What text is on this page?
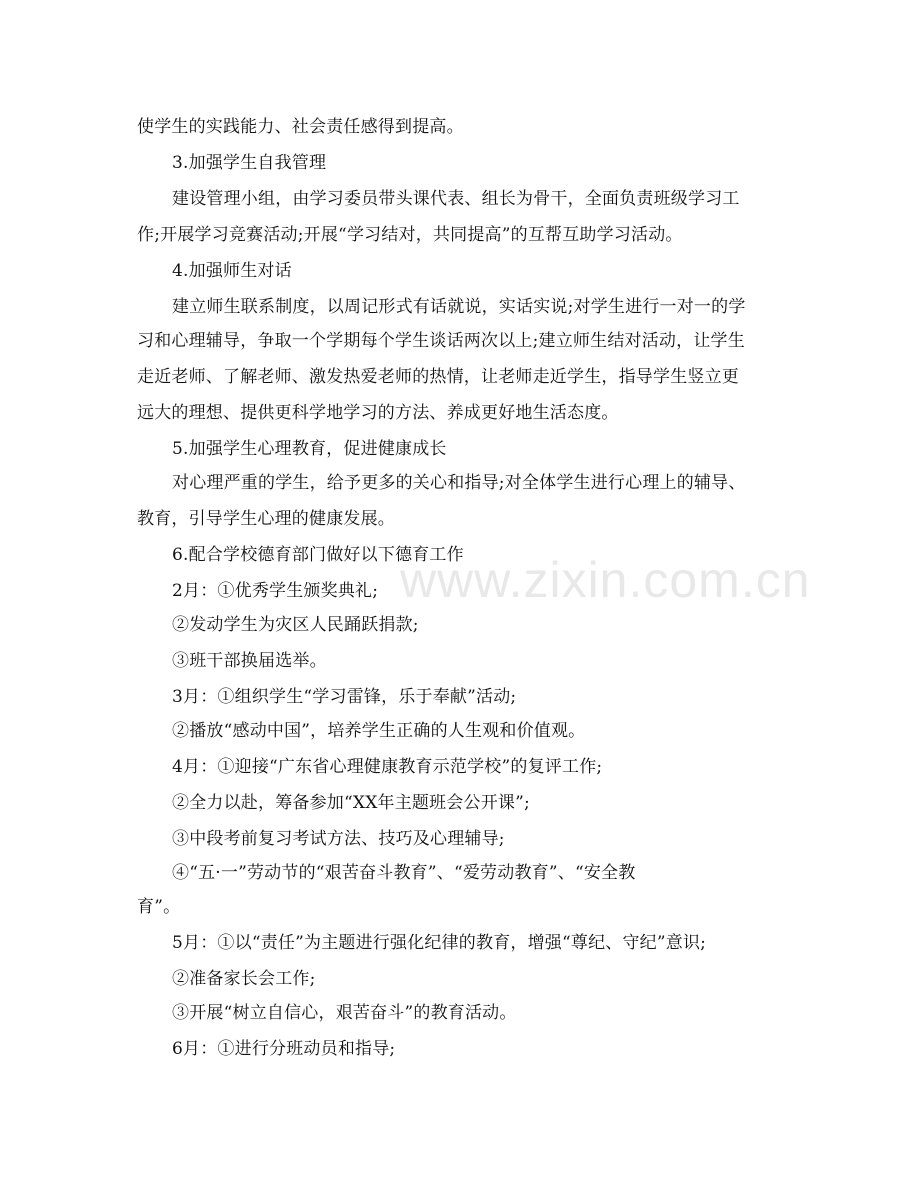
使学生的实践能力、社会责任感得到提高。
3.加强学生自我管理
建设管理小组，由学习委员带头课代表、组长为骨干，全面负责班级学习工
作;开展学习竞赛活动;开展“学习结对，共同提高”的互帮互助学习活动。
4.加强师生对话
建立师生联系制度，以周记形式有话就说，实话实说;对学生进行一对一的学
习和心理辅导，争取一个学期每个学生谈话两次以上;建立师生结对活动，让学生
走近老师、了解老师、激发热爱老师的热情，让老师走近学生，指导学生竖立更
远大的理想、提供更科学地学习的方法、养成更好地生活态度。
5.加强学生心理教育，促进健康成长
对心理严重的学生，给予更多的关心和指导;对全体学生进行心理上的辅导、
教育，引导学生心理的健康发展。
6.配合学校德育部门做好以下德育工作
2月：①优秀学生颁奖典礼;
②发动学生为灾区人民踊跃捐款;
③班干部换届选举。
3月：①组织学生“学习雷锋，乐于奉献”活动;
②播放“感动中国”，培养学生正确的人生观和价值观。
4月：①迎接“广东省心理健康教育示范学校”的复评工作;
②全力以赴，筹备参加“XX年主题班会公开课”;
③中段考前复习考试方法、技巧及心理辅导;
④“五·一”劳动节的“艰苦奋斗教育”、“爱劳动教育”、“安全教
育”。
5月：①以“责任”为主题进行强化纪律的教育，增强“尊纪、守纪”意识;
②准备家长会工作;
③开展“树立自信心，艰苦奋斗”的教育活动。
6月：①进行分班动员和指导;
www.zixin.com.cn
